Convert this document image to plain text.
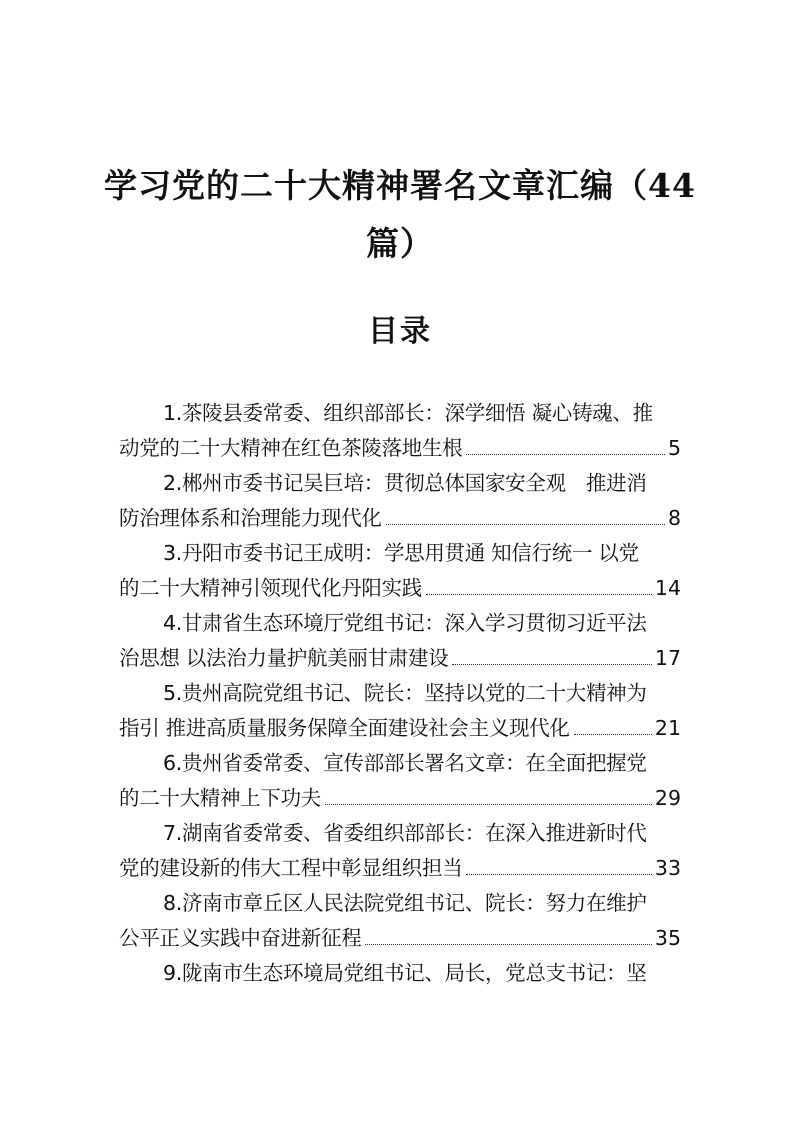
学习党的二十大精神署名文章汇编（44
篇）
目录
1.茶陵县委常委、组织部部长：深学细悟 凝心铸魂、推
动党的二十大精神在红色茶陵落地生根	5
2.郴州市委书记吴巨培：贯彻总体国家安全观　推进消
防治理体系和治理能力现代化	8
3.丹阳市委书记王成明：学思用贯通 知信行统一 以党
的二十大精神引领现代化丹阳实践	14
4.甘肃省生态环境厅党组书记：深入学习贯彻习近平法
治思想 以法治力量护航美丽甘肃建设	17
5.贵州高院党组书记、院长：坚持以党的二十大精神为
指引 推进高质量服务保障全面建设社会主义现代化	21
6.贵州省委常委、宣传部部长署名文章：在全面把握党
的二十大精神上下功夫	29
7.湖南省委常委、省委组织部部长：在深入推进新时代
党的建设新的伟大工程中彰显组织担当	33
8.济南市章丘区人民法院党组书记、院长：努力在维护
公平正义实践中奋进新征程	35
9.陇南市生态环境局党组书记、局长，党总支书记：坚
